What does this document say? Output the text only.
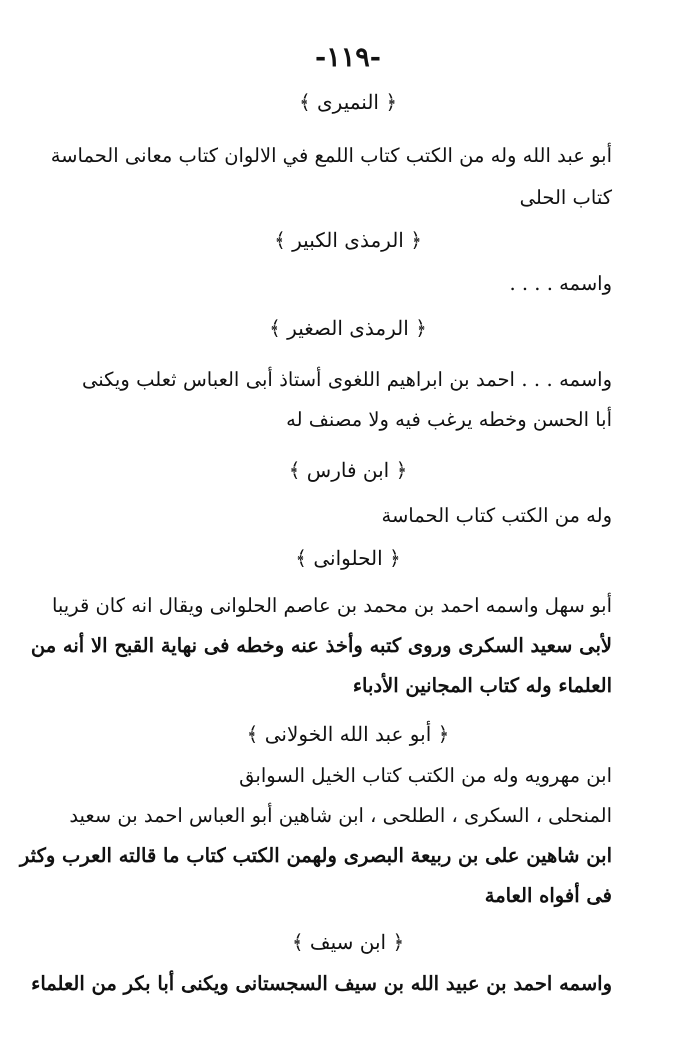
-١١٩-
﴿ النميرى ﴾
أبو عبد الله وله من الكتب كتاب اللمع في الالوان كتاب معانى الحماسة
كتاب الحلى
﴿ الرمذى الكبير ﴾
واسمه . . . .
﴿ الرمذى الصغير ﴾
واسمه . . . احمد بن ابراهيم اللغوى أستاذ أبى العباس ثعلب ويكنى
أبا الحسن وخطه يرغب فيه ولا مصنف له
﴿ ابن فارس ﴾
وله من الكتب كتاب الحماسة
﴿ الحلوانى ﴾
أبو سهل واسمه احمد بن محمد بن عاصم الحلوانى ويقال انه كان قريبا
لأبى سعيد السكرى وروى كتبه وأخذ عنه وخطه فى نهاية القبح الا أنه من
العلماء وله كتاب المجانين الأدباء
﴿ أبو عبد الله الخولانى ﴾
ابن مهرويه وله من الكتب كتاب الخيل السوابق
المنحلى ، السكرى ، الطلحى ، ابن شاهين أبو العباس احمد بن سعيد
ابن شاهين على بن ربيعة البصرى ولهمن الكتب كتاب ما قالته العرب وكثر
فى أفواه العامة
﴿ ابن سيف ﴾
واسمه احمد بن عبيد الله بن سيف السجستانى ويكنى أبا بكر من العلماء
